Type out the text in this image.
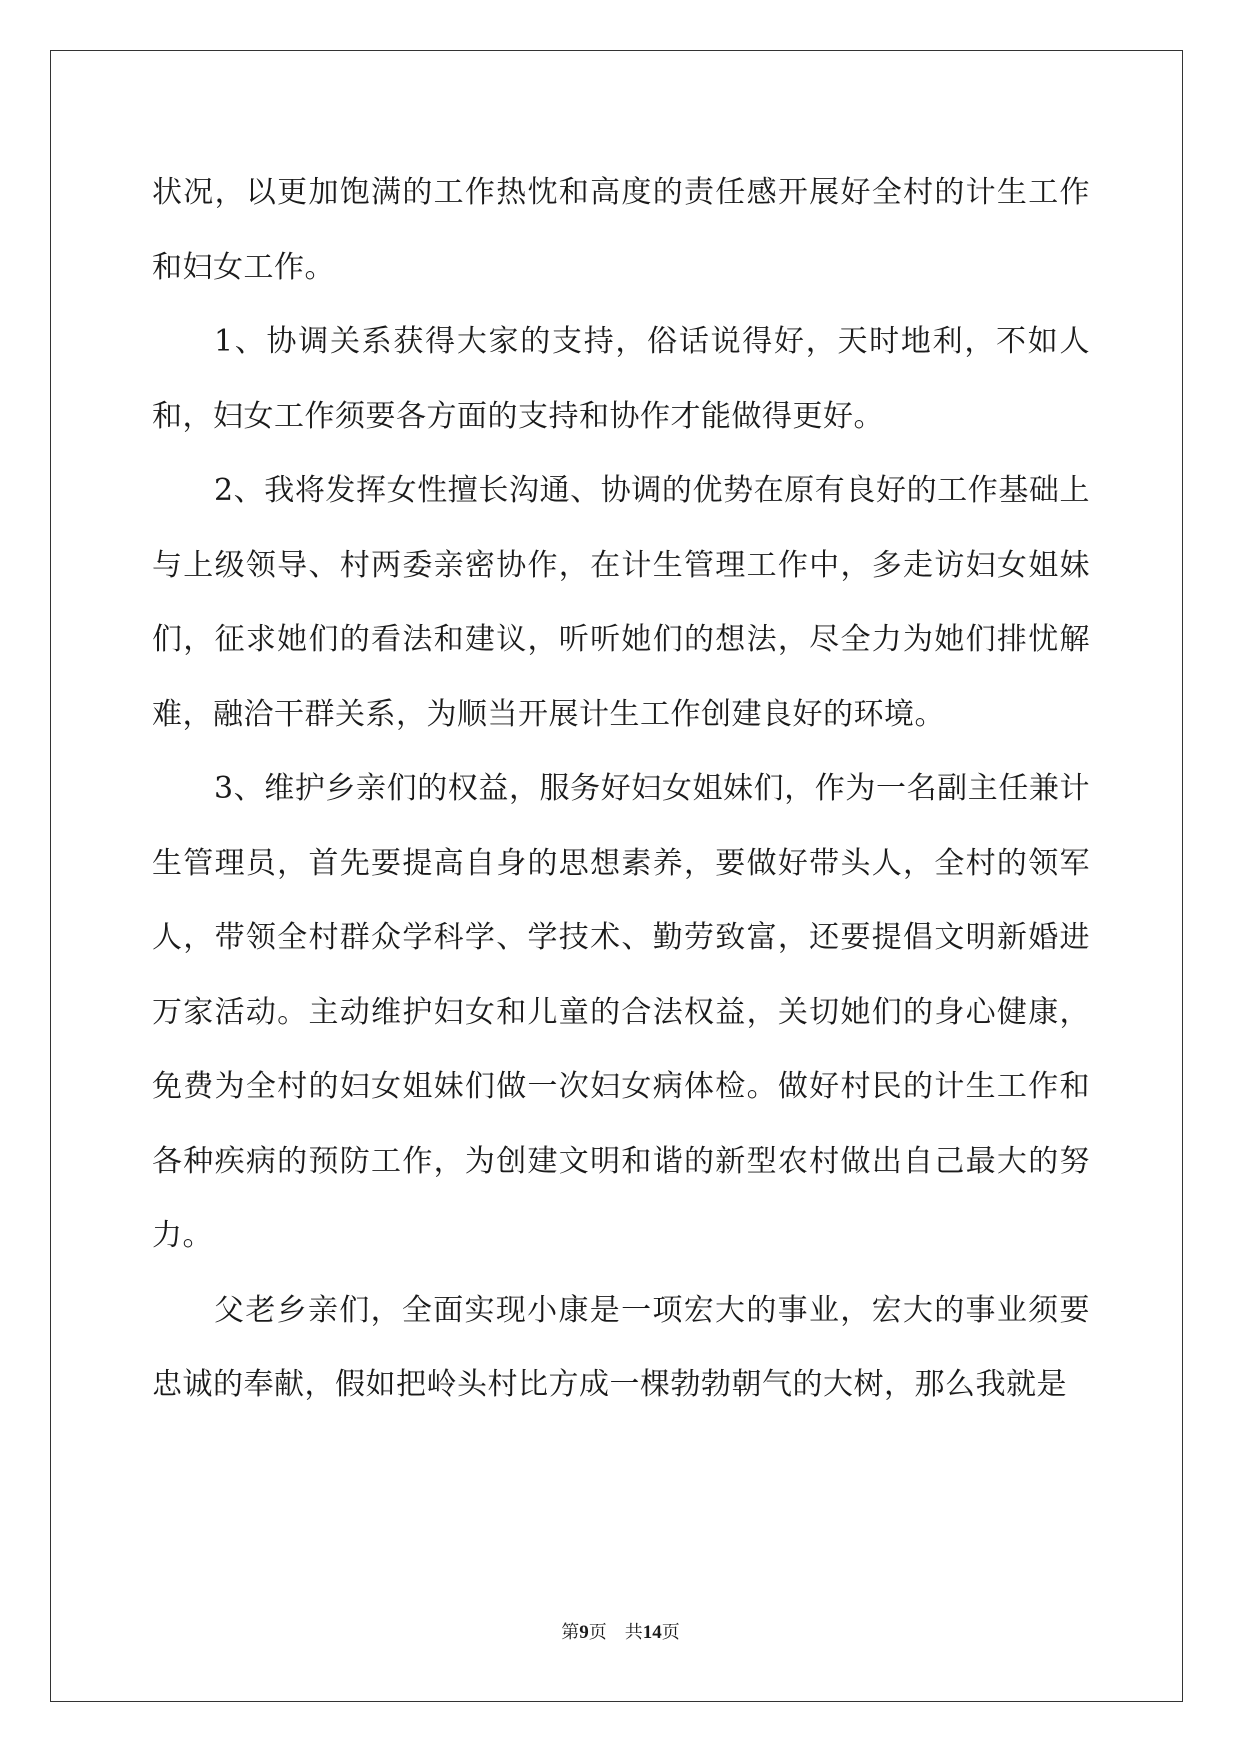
状况，以更加饱满的工作热忱和高度的责任感开展好全村的计生工作和妇女工作。

1、协调关系获得大家的支持，俗话说得好，天时地利，不如人和，妇女工作须要各方面的支持和协作才能做得更好。

2、我将发挥女性擅长沟通、协调的优势在原有良好的工作基础上与上级领导、村两委亲密协作，在计生管理工作中，多走访妇女姐妹们，征求她们的看法和建议，听听她们的想法，尽全力为她们排忧解难，融洽干群关系，为顺当开展计生工作创建良好的环境。

3、维护乡亲们的权益，服务好妇女姐妹们，作为一名副主任兼计生管理员，首先要提高自身的思想素养，要做好带头人，全村的领军人，带领全村群众学科学、学技术、勤劳致富，还要提倡文明新婚进万家活动。主动维护妇女和儿童的合法权益，关切她们的身心健康，免费为全村的妇女姐妹们做一次妇女病体检。做好村民的计生工作和各种疾病的预防工作，为创建文明和谐的新型农村做出自己最大的努力。

父老乡亲们，全面实现小康是一项宏大的事业，宏大的事业须要忠诚的奉献，假如把岭头村比方成一棵勃勃朝气的大树，那么我就是

第9页 共14页
